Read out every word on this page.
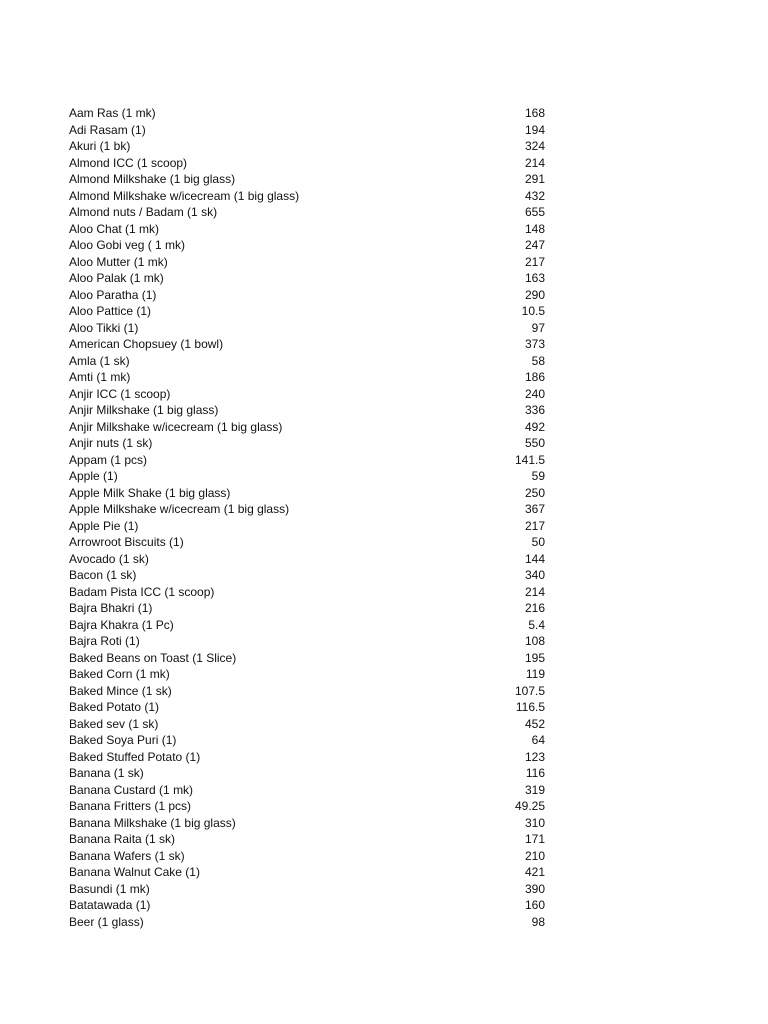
Aam Ras (1 mk)	168
Adi Rasam (1)	194
Akuri (1 bk)	324
Almond ICC (1 scoop)	214
Almond Milkshake (1 big glass)	291
Almond Milkshake w/icecream (1 big glass)	432
Almond nuts / Badam (1 sk)	655
Aloo Chat (1 mk)	148
Aloo Gobi veg ( 1 mk)	247
Aloo Mutter (1 mk)	217
Aloo Palak (1 mk)	163
Aloo Paratha (1)	290
Aloo Pattice (1)	10.5
Aloo Tikki (1)	97
American Chopsuey (1 bowl)	373
Amla (1 sk)	58
Amti (1 mk)	186
Anjir ICC (1 scoop)	240
Anjir Milkshake (1 big glass)	336
Anjir Milkshake w/icecream (1 big glass)	492
Anjir nuts (1 sk)	550
Appam (1 pcs)	141.5
Apple (1)	59
Apple Milk Shake (1 big glass)	250
Apple Milkshake w/icecream (1 big glass)	367
Apple Pie (1)	217
Arrowroot Biscuits (1)	50
Avocado (1 sk)	144
Bacon (1 sk)	340
Badam Pista ICC (1 scoop)	214
Bajra Bhakri (1)	216
Bajra Khakra (1 Pc)	5.4
Bajra Roti (1)	108
Baked Beans on Toast (1 Slice)	195
Baked Corn (1 mk)	119
Baked Mince (1 sk)	107.5
Baked Potato (1)	116.5
Baked sev (1 sk)	452
Baked Soya Puri (1)	64
Baked Stuffed Potato (1)	123
Banana (1 sk)	116
Banana Custard (1 mk)	319
Banana Fritters (1 pcs)	49.25
Banana Milkshake (1 big glass)	310
Banana Raita (1 sk)	171
Banana Wafers (1 sk)	210
Banana Walnut Cake (1)	421
Basundi (1 mk)	390
Batatawada (1)	160
Beer (1 glass)	98
